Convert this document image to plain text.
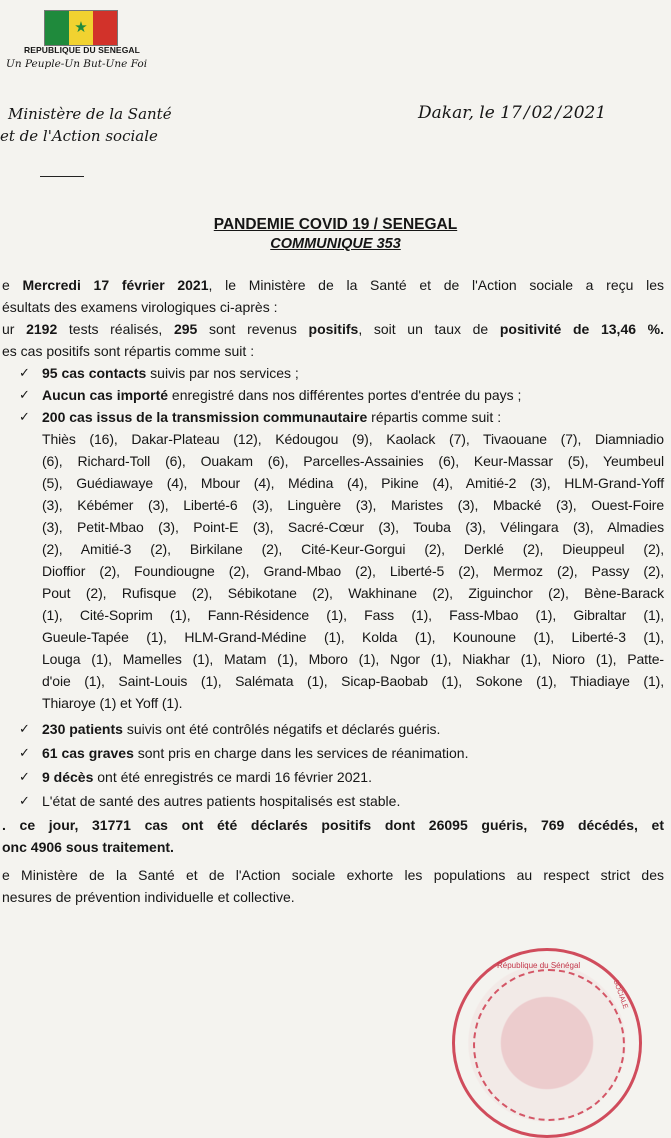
★
REPUBLIQUE DU SENEGAL
Un Peuple-Un But-Une Foi
Ministère de la Santé
et de l'Action sociale
Dakar, le 17 / 02 / 2021
PANDEMIE COVID 19 / SENEGAL
COMMUNIQUE 353
e Mercredi 17 février 2021, le Ministère de la Santé et de l'Action sociale a reçu les
ésultats des examens virologiques ci-après :
ur 2192 tests réalisés, 295 sont revenus positifs, soit un taux de positivité de 13,46 %.
es cas positifs sont répartis comme suit :
✓ 95 cas contacts suivis par nos services ;
✓ Aucun cas importé enregistré dans nos différentes portes d'entrée du pays ;
✓ 200 cas issus de la transmission communautaire répartis comme suit :
Thiès (16), Dakar-Plateau (12), Kédougou (9), Kaolack (7), Tivaouane (7), Diamniadio
(6), Richard-Toll (6), Ouakam (6), Parcelles-Assainies (6), Keur-Massar (5), Yeumbeul
(5), Guédiawaye (4), Mbour (4), Médina (4), Pikine (4), Amitié-2 (3), HLM-Grand-Yoff
(3), Kébémer (3), Liberté-6 (3), Linguère (3), Maristes (3), Mbacké (3), Ouest-Foire
(3), Petit-Mbao (3), Point-E (3), Sacré-Cœur (3), Touba (3), Vélingara (3), Almadies
(2), Amitié-3 (2), Birkilane (2), Cité-Keur-Gorgui (2), Derklé (2), Dieuppeul (2),
Dioffior (2), Foundiougne (2), Grand-Mbao (2), Liberté-5 (2), Mermoz (2), Passy (2),
Pout (2), Rufisque (2), Sébikotane (2), Wakhinane (2), Ziguinchor (2), Bène-Barack
(1), Cité-Soprim (1), Fann-Résidence (1), Fass (1), Fass-Mbao (1), Gibraltar (1),
Gueule-Tapée (1), HLM-Grand-Médine (1), Kolda (1), Kounoune (1), Liberté-3 (1),
Louga (1), Mamelles (1), Matam (1), Mboro (1), Ngor (1), Niakhar (1), Nioro (1), Patte-
d'oie (1), Saint-Louis (1), Salémata (1), Sicap-Baobab (1), Sokone (1), Thiadiaye (1),
Thiaroye (1) et Yoff (1).
✓ 230 patients suivis ont été contrôlés négatifs et déclarés guéris.
✓ 61 cas graves sont pris en charge dans les services de réanimation.
✓ 9 décès ont été enregistrés ce mardi 16 février 2021.
✓ L'état de santé des autres patients hospitalisés est stable.
. ce jour, 31771 cas ont été déclarés positifs dont 26095 guéris, 769 décédés, et
onc 4906 sous traitement.
e Ministère de la Santé et de l'Action sociale exhorte les populations au respect strict des
nesures de prévention individuelle et collective.
République du Sénégal
SOCIALE
